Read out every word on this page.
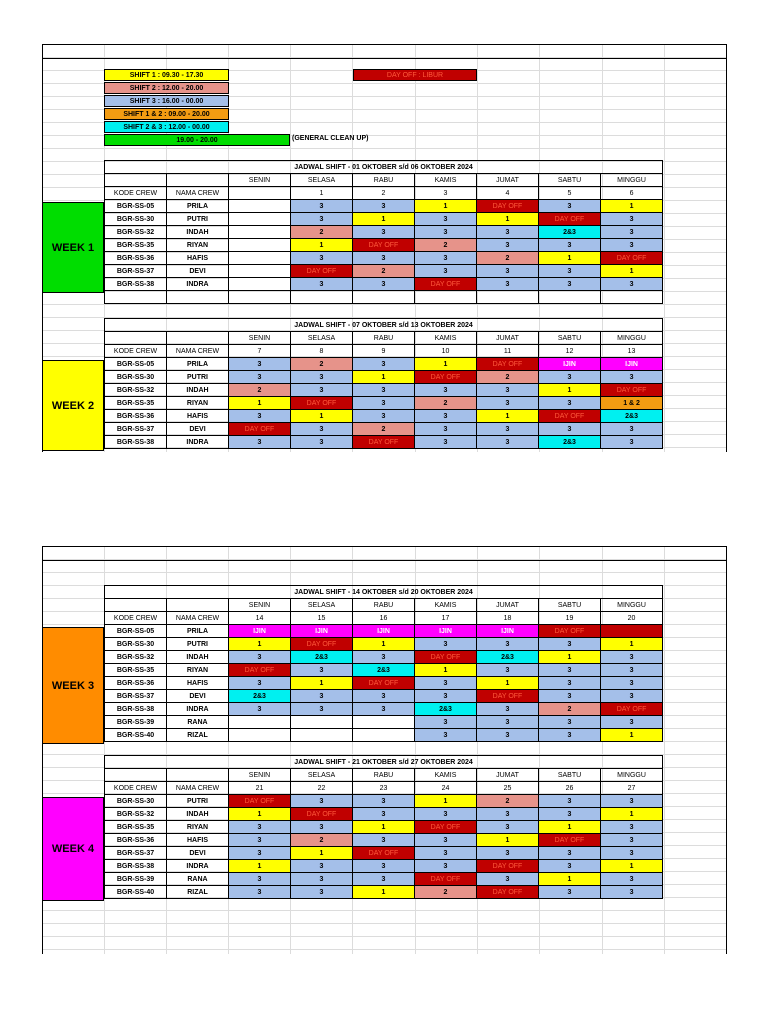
SHIFT 1 : 09.30 - 17.30
SHIFT 2 : 12.00 - 20.00
SHIFT 3 : 16.00 - 00.00
SHIFT 1 & 2 : 09.00 - 20.00
SHIFT 2 & 3 : 12.00 - 00.00
19.00 - 20.00	(GENERAL CLEAN UP)
DAY OFF : LIBUR
WEEK 1
WEEK 2
WEEK 3
WEEK 4
JADWAL SHIFT - 01 OKTOBER s/d 06 OKTOBER 2024								
		SENIN	SELASA	RABU	KAMIS	JUMAT	SABTU	MINGGU
KODE CREW	NAMA CREW		1	2	3	4	5	6
BGR-SS-05	PRILA		3	3	1	DAY OFF	3	1
BGR-SS-30	PUTRI		3	1	3	1	DAY OFF	3
BGR-SS-32	INDAH		2	3	3	3	2&3	3
BGR-SS-35	RIYAN		1	DAY OFF	2	3	3	3
BGR-SS-36	HAFIS		3	3	3	2	1	DAY OFF
BGR-SS-37	DEVI		DAY OFF	2	3	3	3	1
BGR-SS-38	INDRA		3	3	DAY OFF	3	3	3

JADWAL SHIFT - 07 OKTOBER s/d 13 OKTOBER 2024								
		SENIN	SELASA	RABU	KAMIS	JUMAT	SABTU	MINGGU
KODE CREW	NAMA CREW	7	8	9	10	11	12	13
BGR-SS-05	PRILA	3	2	3	1	DAY OFF	IJIN	IJIN
BGR-SS-30	PUTRI	3	3	1	DAY OFF	2	3	3
BGR-SS-32	INDAH	2	3	3	3	3	1	DAY OFF
BGR-SS-35	RIYAN	1	DAY OFF	3	2	3	3	1 & 2
BGR-SS-36	HAFIS	3	1	3	3	1	DAY OFF	2&3
BGR-SS-37	DEVI	DAY OFF	3	2	3	3	3	3
BGR-SS-38	INDRA	3	3	DAY OFF	3	3	2&3	3
JADWAL SHIFT - 14 OKTOBER s/d 20 OKTOBER 2024								
		SENIN	SELASA	RABU	KAMIS	JUMAT	SABTU	MINGGU
KODE CREW	NAMA CREW	14	15	16	17	18	19	20
BGR-SS-05	PRILA	IJIN	IJIN	IJIN	IJIN	IJIN	DAY OFF	
BGR-SS-30	PUTRI	1	DAY OFF	1	3	3	3	1
BGR-SS-32	INDAH	3	2&3	3	DAY OFF	2&3	1	3
BGR-SS-35	RIYAN	DAY OFF	3	2&3	1	3	3	3
BGR-SS-36	HAFIS	3	1	DAY OFF	3	1	3	3
BGR-SS-37	DEVI	2&3	3	3	3	DAY OFF	3	3
BGR-SS-38	INDRA	3	3	3	2&3	3	2	DAY OFF
BGR-SS-39	RANA				3	3	3	3
BGR-SS-40	RIZAL				3	3	3	1
JADWAL SHIFT - 21 OKTOBER s/d 27 OKTOBER 2024								
		SENIN	SELASA	RABU	KAMIS	JUMAT	SABTU	MINGGU
KODE CREW	NAMA CREW	21	22	23	24	25	26	27
BGR-SS-30	PUTRI	DAY OFF	3	3	1	2	3	3
BGR-SS-32	INDAH	1	DAY OFF	3	3	3	3	1
BGR-SS-35	RIYAN	3	3	1	DAY OFF	3	1	3
BGR-SS-36	HAFIS	3	2	3	3	1	DAY OFF	3
BGR-SS-37	DEVI	3	1	DAY OFF	3	3	3	3
BGR-SS-38	INDRA	1	3	3	3	DAY OFF	3	1
BGR-SS-39	RANA	3	3	3	DAY OFF	3	1	3
BGR-SS-40	RIZAL	3	3	1	2	DAY OFF	3	3
